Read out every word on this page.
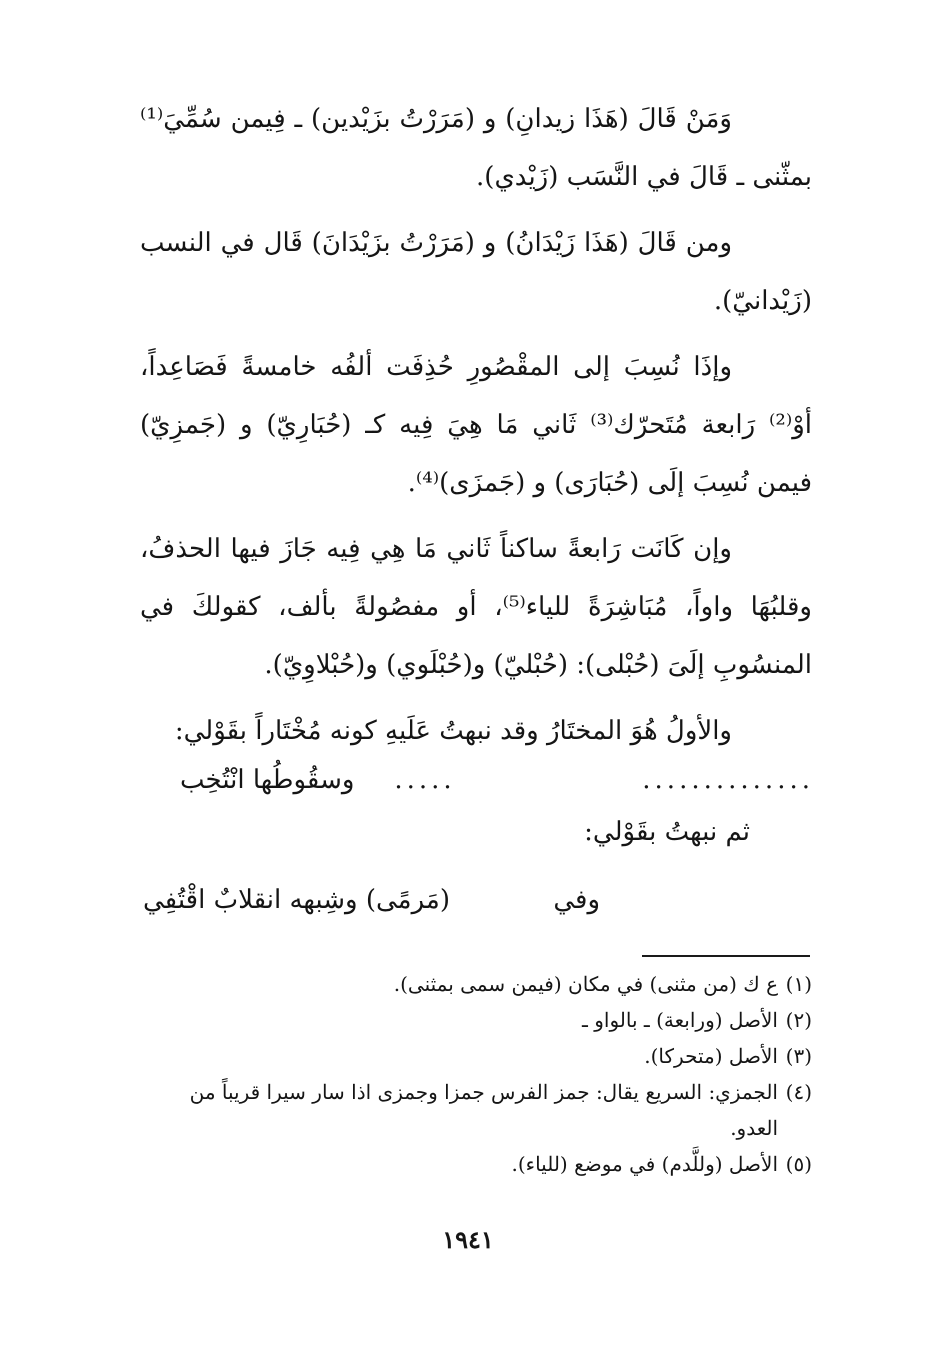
وَمَنْ قَالَ (هَذَا زيدانِ) و (مَرَرْتُ بزَيْدين) ـ فِيمن سُمِّيَ⁽¹⁾ بمثّنى ـ قَالَ في النَّسَب (زَيْدي).

ومن قَالَ (هَذَا زَيْدَانُ) و (مَرَرْتُ بزَيْدَانَ) قَال في النسب (زَيْدانيّ).

وإذَا نُسِبَ إلى المقْصُورِ حُذِفَت ألفُه خامسةً فَصَاعِداً، أوْ⁽²⁾ رَابعة مُتَحرّك⁽³⁾ ثَاني مَا هِيَ فِيه كـ (حُبَارِيّ) و (جَمزِيّ) فيمن نُسِبَ إلَى (حُبَارَى) و (جَمزَى)⁽⁴⁾.

وإن كَانَت رَابعةً ساكناً ثَاني مَا هِي فِيه جَازَ فيها الحذفُ، وقلبُهَا واواً، مُبَاشِرَةً للياء⁽⁵⁾، أو مفصُولةً بألف، كقولكَ في المنسُوبِ إلَىَ (حُبْلى): (حُبْليّ) و(حُبْلَوي) و(حُبْلاوِيّ).

والأولُ هُوَ المختَارُ وقد نبهتُ عَلَيهِ كونه مُخْتَاراً بقَوْلي:

..............
.....
وسقُوطُها انْتُخِب
ثم نبهتُ بقَوْلي:
وفي
(مَرمًى) وشِبهه انقلابٌ اقْتُفِي
(١)
ع ك (من مثنى) في مكان (فيمن سمى بمثنى).
(٢)
الأصل (ورابعة) ـ بالواو ـ
(٣)
الأصل (متحركا).
(٤)
الجمزي: السريع يقال: جمز الفرس جمزا وجمزى اذا سار سيرا قريباً من العدو.
(٥)
الأصل (وللَّدم) في موضع (للياء).
١٩٤١
